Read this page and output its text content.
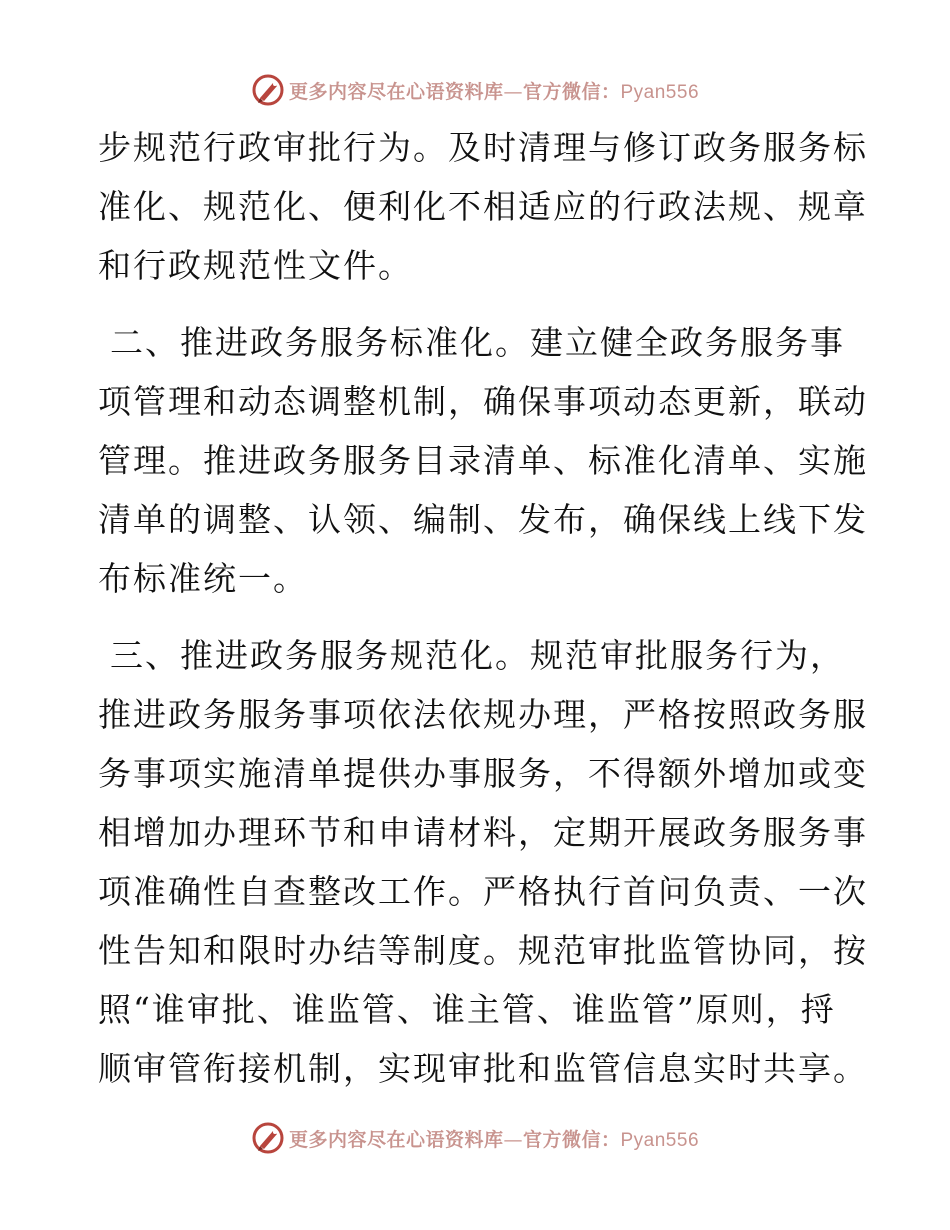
更多内容尽在心语资料库—官方微信：Pyan556
步规范行政审批行为。及时清理与修订政务服务标
准化、规范化、便利化不相适应的行政法规、规章
和行政规范性文件。
二、推进政务服务标准化。建立健全政务服务事
项管理和动态调整机制，确保事项动态更新，联动
管理。推进政务服务目录清单、标准化清单、实施
清单的调整、认领、编制、发布，确保线上线下发
布标准统一。
三、推进政务服务规范化。规范审批服务行为，
推进政务服务事项依法依规办理，严格按照政务服
务事项实施清单提供办事服务，不得额外增加或变
相增加办理环节和申请材料，定期开展政务服务事
项准确性自查整改工作。严格执行首问负责、一次
性告知和限时办结等制度。规范审批监管协同，按
照“谁审批、谁监管、谁主管、谁监管”原则，捋
顺审管衔接机制，实现审批和监管信息实时共享。
更多内容尽在心语资料库—官方微信：Pyan556
